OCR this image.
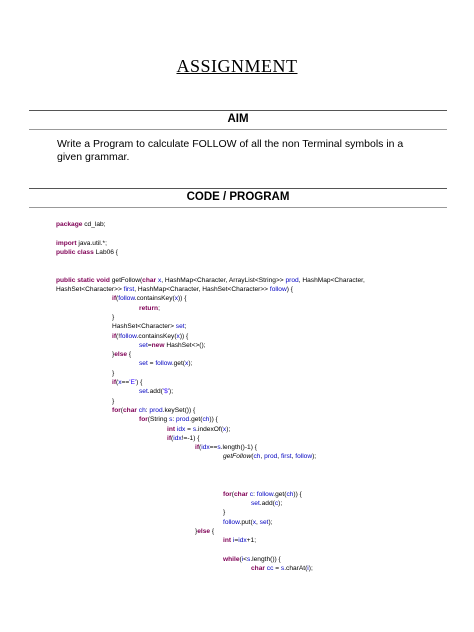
ASSIGNMENT
AIM
Write a Program to calculate FOLLOW of all the non Terminal symbols in a given grammar.
CODE / PROGRAM
package cd_lab;
import java.util.*;
public class Lab06 {
public static void getFollow(char x, HashMap<Character, ArrayList<String>> prod, HashMap<Character,
HashSet<Character>> first, HashMap<Character, HashSet<Character>> follow) {
if(follow.containsKey(x)) {
return;
}
HashSet<Character> set;
if(!follow.containsKey(x)) {
set=new HashSet<>();
}else {
set = follow.get(x);
}
if(x=='E') {
set.add('$');
}
for(char ch: prod.keySet()) {
for(String s: prod.get(ch)) {
int idx = s.indexOf(x);
if(idx!=-1) {
if(idx==s.length()-1) {
getFollow(ch, prod, first, follow);
for(char c: follow.get(ch)) {
set.add(c);
}
follow.put(x, set);
}else {
int i=idx+1;
while(i<s.length()) {
char cc = s.charAt(i);
